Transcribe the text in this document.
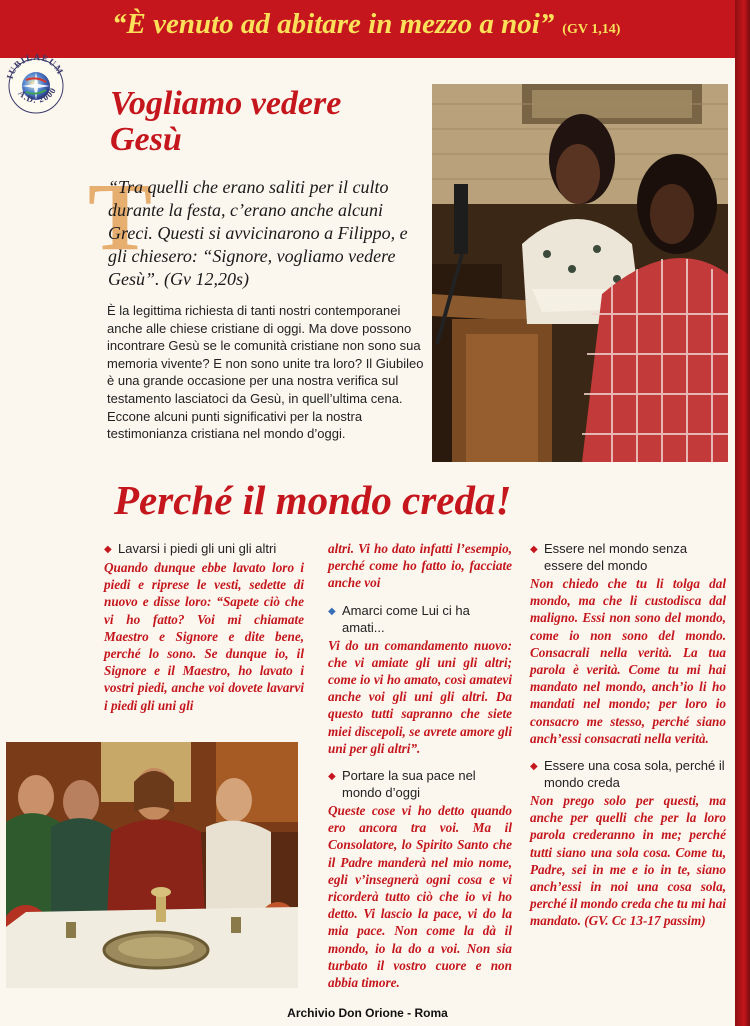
“È venuto ad abitare in mezzo a noi” (GV 1,14)
IUBILAEUM
A.D. 2000 Vogliamo vedere Gesù
T

“Tra quelli che erano saliti per il culto durante la festa, c’erano anche alcuni Greci. Questi si avvicinarono a Filippo, e gli chiesero: “Signore, vogliamo vedere Gesù”. (Gv 12,20s)

È la legittima richiesta di tanti nostri contemporanei anche alle chiese cristiane di oggi. Ma dove possono incontrare Gesù se le comunità cristiane non sono sua memoria vivente? E non sono unite tra loro? Il Giubileo è una grande occasione per una nostra verifica sul testamento lasciatoci da Gesù, in quell’ultima cena. Eccone alcuni punti significativi per la nostra testimonianza cristiana nel mondo d’oggi.

Perché il mondo creda!
◆ Lavarsi i piedi gli uni gli altri

Quando dunque ebbe lavato loro i piedi e riprese le vesti, sedette di nuovo e disse loro: “Sapete ciò che vi ho fatto? Voi mi chiamate Maestro e Signore e dite bene, perché lo sono. Se dunque io, il Signore e il Maestro, ho lavato i vostri piedi, anche voi dovete lavarvi i piedi gli uni gli

altri. Vi ho dato infatti l’esempio, perché come ho fatto io, facciate anche voi

◆ Amarci come Lui ci ha amati...

Vi do un comandamento nuovo: che vi amiate gli uni gli altri; come io vi ho amato, così amatevi anche voi gli uni gli altri. Da questo tutti sapranno che siete miei discepoli, se avrete amore gli uni per gli altri”.

◆ Portare la sua pace nel mondo d’oggi

Queste cose vi ho detto quando ero ancora tra voi. Ma il Consolatore, lo Spirito Santo che il Padre manderà nel mio nome, egli v’insegnerà ogni cosa e vi ricorderà tutto ciò che io vi ho detto. Vi lascio la pace, vi do la mia pace. Non come la dà il mondo, io la do a voi. Non sia turbato il vostro cuore e non abbia timore.

◆ Essere nel mondo senza essere del mondo

Non chiedo che tu li tolga dal mondo, ma che li custodisca dal maligno. Essi non sono del mondo, come io non sono del mondo. Consacrali nella verità. La tua parola è verità. Come tu mi hai mandato nel mondo, anch’io li ho mandati nel mondo; per loro io consacro me stesso, perché siano anch’essi consacrati nella verità.

◆ Essere una cosa sola, perché il mondo creda

Non prego solo per questi, ma anche per quelli che per la loro parola crederanno in me; perché tutti siano una sola cosa. Come tu, Padre, sei in me e io in te, siano anch’essi in noi una cosa sola, perché il mondo creda che tu mi hai mandato. (GV. Cc 13-17 passim)

Archivio Don Orione - Roma
